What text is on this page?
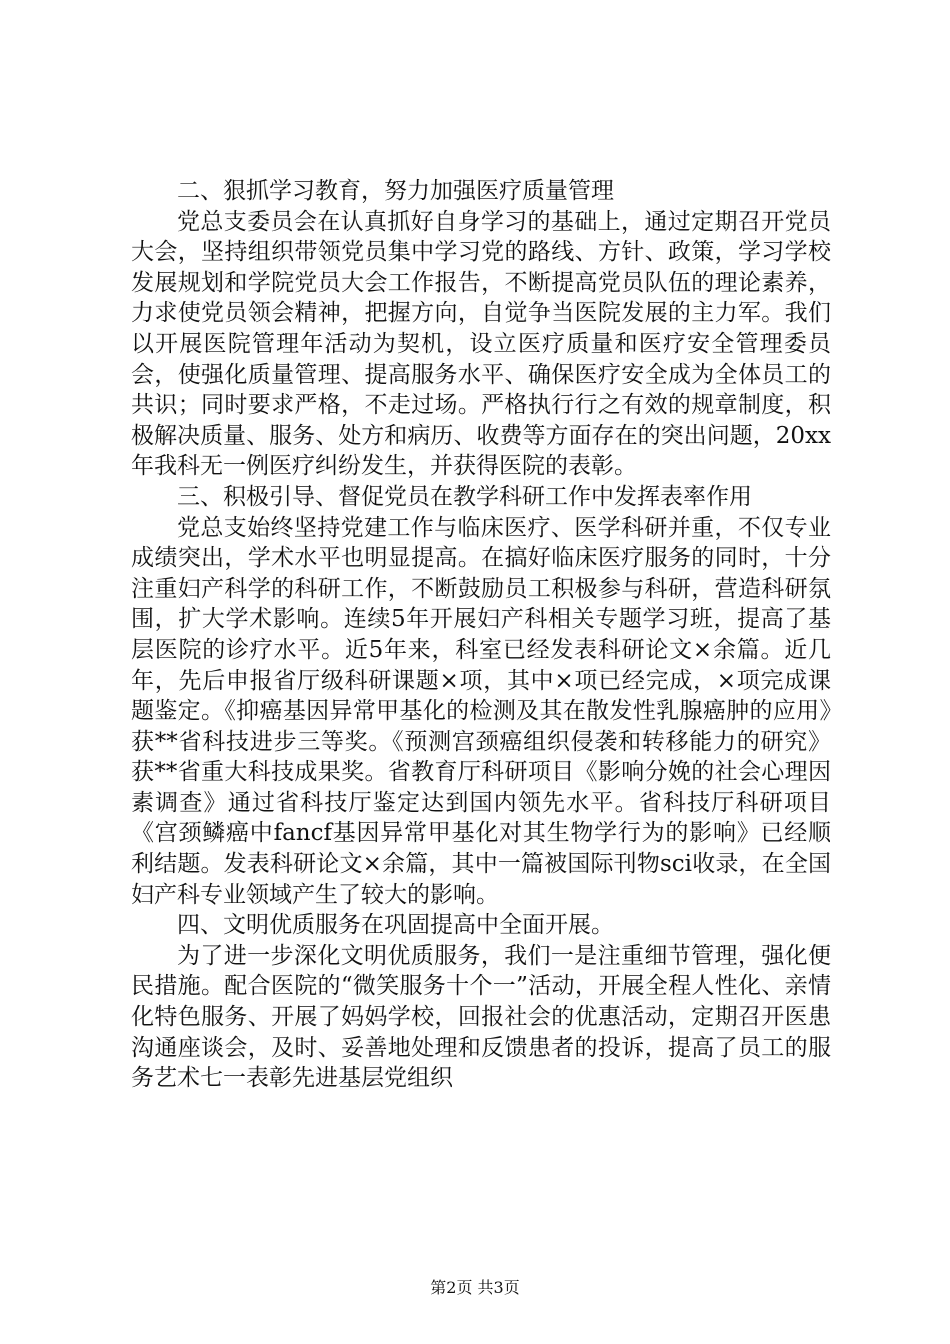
二、狠抓学习教育，努力加强医疗质量管理

党总支委员会在认真抓好自身学习的基础上，通过定期召开党员大会，坚持组织带领党员集中学习党的路线、方针、政策，学习学校发展规划和学院党员大会工作报告，不断提高党员队伍的理论素养，力求使党员领会精神，把握方向，自觉争当医院发展的主力军。我们以开展医院管理年活动为契机，设立医疗质量和医疗安全管理委员会，使强化质量管理、提高服务水平、确保医疗安全成为全体员工的共识；同时要求严格，不走过场。严格执行行之有效的规章制度，积极解决质量、服务、处方和病历、收费等方面存在的突出问题，20xx年我科无一例医疗纠纷发生，并获得医院的表彰。

三、积极引导、督促党员在教学科研工作中发挥表率作用

党总支始终坚持党建工作与临床医疗、医学科研并重，不仅专业成绩突出，学术水平也明显提高。在搞好临床医疗服务的同时，十分注重妇产科学的科研工作，不断鼓励员工积极参与科研，营造科研氛围，扩大学术影响。连续5年开展妇产科相关专题学习班，提高了基层医院的诊疗水平。近5年来，科室已经发表科研论文×余篇。近几年，先后申报省厅级科研课题×项，其中×项已经完成，×项完成课题鉴定。《抑癌基因异常甲基化的检测及其在散发性乳腺癌肿的应用》获**省科技进步三等奖。《预测宫颈癌组织侵袭和转移能力的研究》获**省重大科技成果奖。省教育厅科研项目《影响分娩的社会心理因素调查》通过省科技厅鉴定达到国内领先水平。省科技厅科研项目《宫颈鳞癌中fancf基因异常甲基化对其生物学行为的影响》已经顺利结题。发表科研论文×余篇，其中一篇被国际刊物sci收录，在全国妇产科专业领域产生了较大的影响。

四、文明优质服务在巩固提高中全面开展。

为了进一步深化文明优质服务，我们一是注重细节管理，强化便民措施。配合医院的“微笑服务十个一”活动，开展全程人性化、亲情化特色服务、开展了妈妈学校，回报社会的优惠活动，定期召开医患沟通座谈会，及时、妥善地处理和反馈患者的投诉，提高了员工的服务艺术七一表彰先进基层党组织

第2页 共3页
